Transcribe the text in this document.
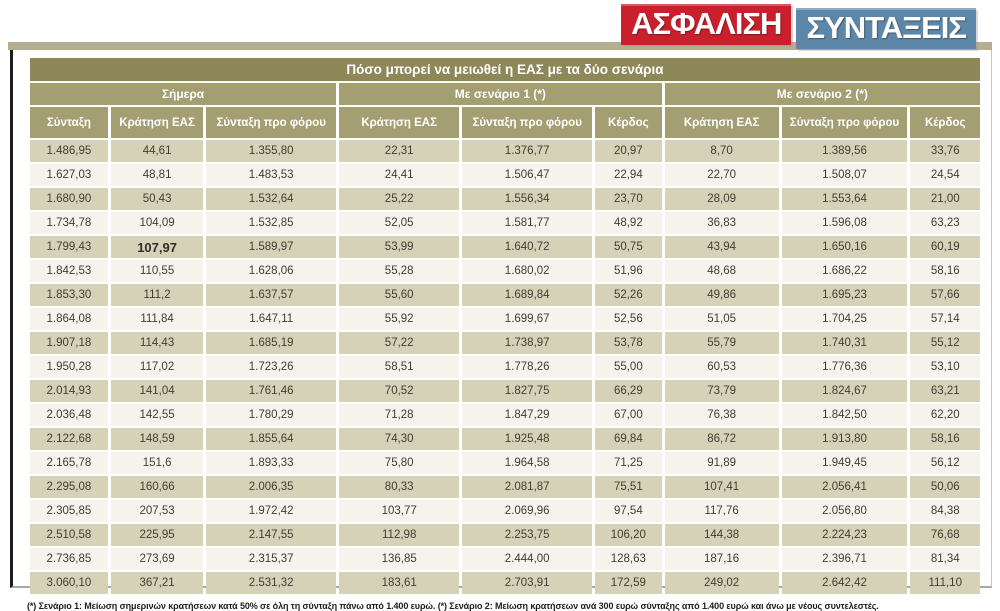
ΑΣΦΑΛΙΣΗ ΣΥΝΤΑΞΕΙΣ
Πόσο μπορεί να μειωθεί η ΕΑΣ με τα δύο σενάρια								
Σήμερα			Με σενάριο 1 (*)			Με σενάριο 2 (*)		
Σύνταξη	Κράτηση ΕΑΣ	Σύνταξη προ φόρου	Κράτηση ΕΑΣ	Σύνταξη προ φόρου	Κέρδος	Κράτηση ΕΑΣ	Σύνταξη προ φόρου	Κέρδος
1.486,95	44,61	1.355,80	22,31	1.376,77	20,97	8,70	1.389,56	33,76
1.627,03	48,81	1.483,53	24,41	1.506,47	22,94	22,70	1.508,07	24,54
1.680,90	50,43	1.532,64	25,22	1.556,34	23,70	28,09	1.553,64	21,00
1.734,78	104,09	1.532,85	52,05	1.581,77	48,92	36,83	1.596,08	63,23
1.799,43	107,97	1.589,97	53,99	1.640,72	50,75	43,94	1.650,16	60,19
1.842,53	110,55	1.628,06	55,28	1.680,02	51,96	48,68	1.686,22	58,16
1.853,30	111,2	1.637,57	55,60	1.689,84	52,26	49,86	1.695,23	57,66
1.864,08	111,84	1.647,11	55,92	1.699,67	52,56	51,05	1.704,25	57,14
1.907,18	114,43	1.685,19	57,22	1.738,97	53,78	55,79	1.740,31	55,12
1.950,28	117,02	1.723,26	58,51	1.778,26	55,00	60,53	1.776,36	53,10
2.014,93	141,04	1.761,46	70,52	1.827,75	66,29	73,79	1.824,67	63,21
2.036,48	142,55	1.780,29	71,28	1.847,29	67,00	76,38	1.842,50	62,20
2.122,68	148,59	1.855,64	74,30	1.925,48	69,84	86,72	1.913,80	58,16
2.165,78	151,6	1.893,33	75,80	1.964,58	71,25	91,89	1.949,45	56,12
2.295,08	160,66	2.006,35	80,33	2.081,87	75,51	107,41	2.056,41	50,06
2.305,85	207,53	1.972,42	103,77	2.069,96	97,54	117,76	2.056,80	84,38
2.510,58	225,95	2.147,55	112,98	2.253,75	106,20	144,38	2.224,23	76,68
2.736,85	273,69	2.315,37	136,85	2.444,00	128,63	187,16	2.396,71	81,34
3.060,10	367,21	2.531,32	183,61	2.703,91	172,59	249,02	2.642,42	111,10
(*) Σενάριο 1: Μείωση σημερινών κρατήσεων κατά 50% σε όλη τη σύνταξη πάνω από 1.400 ευρώ. (*) Σενάριο 2: Μείωση κρατήσεων ανά 300 ευρώ σύνταξης από 1.400 ευρώ και άνω με νέους συντελεστές.
